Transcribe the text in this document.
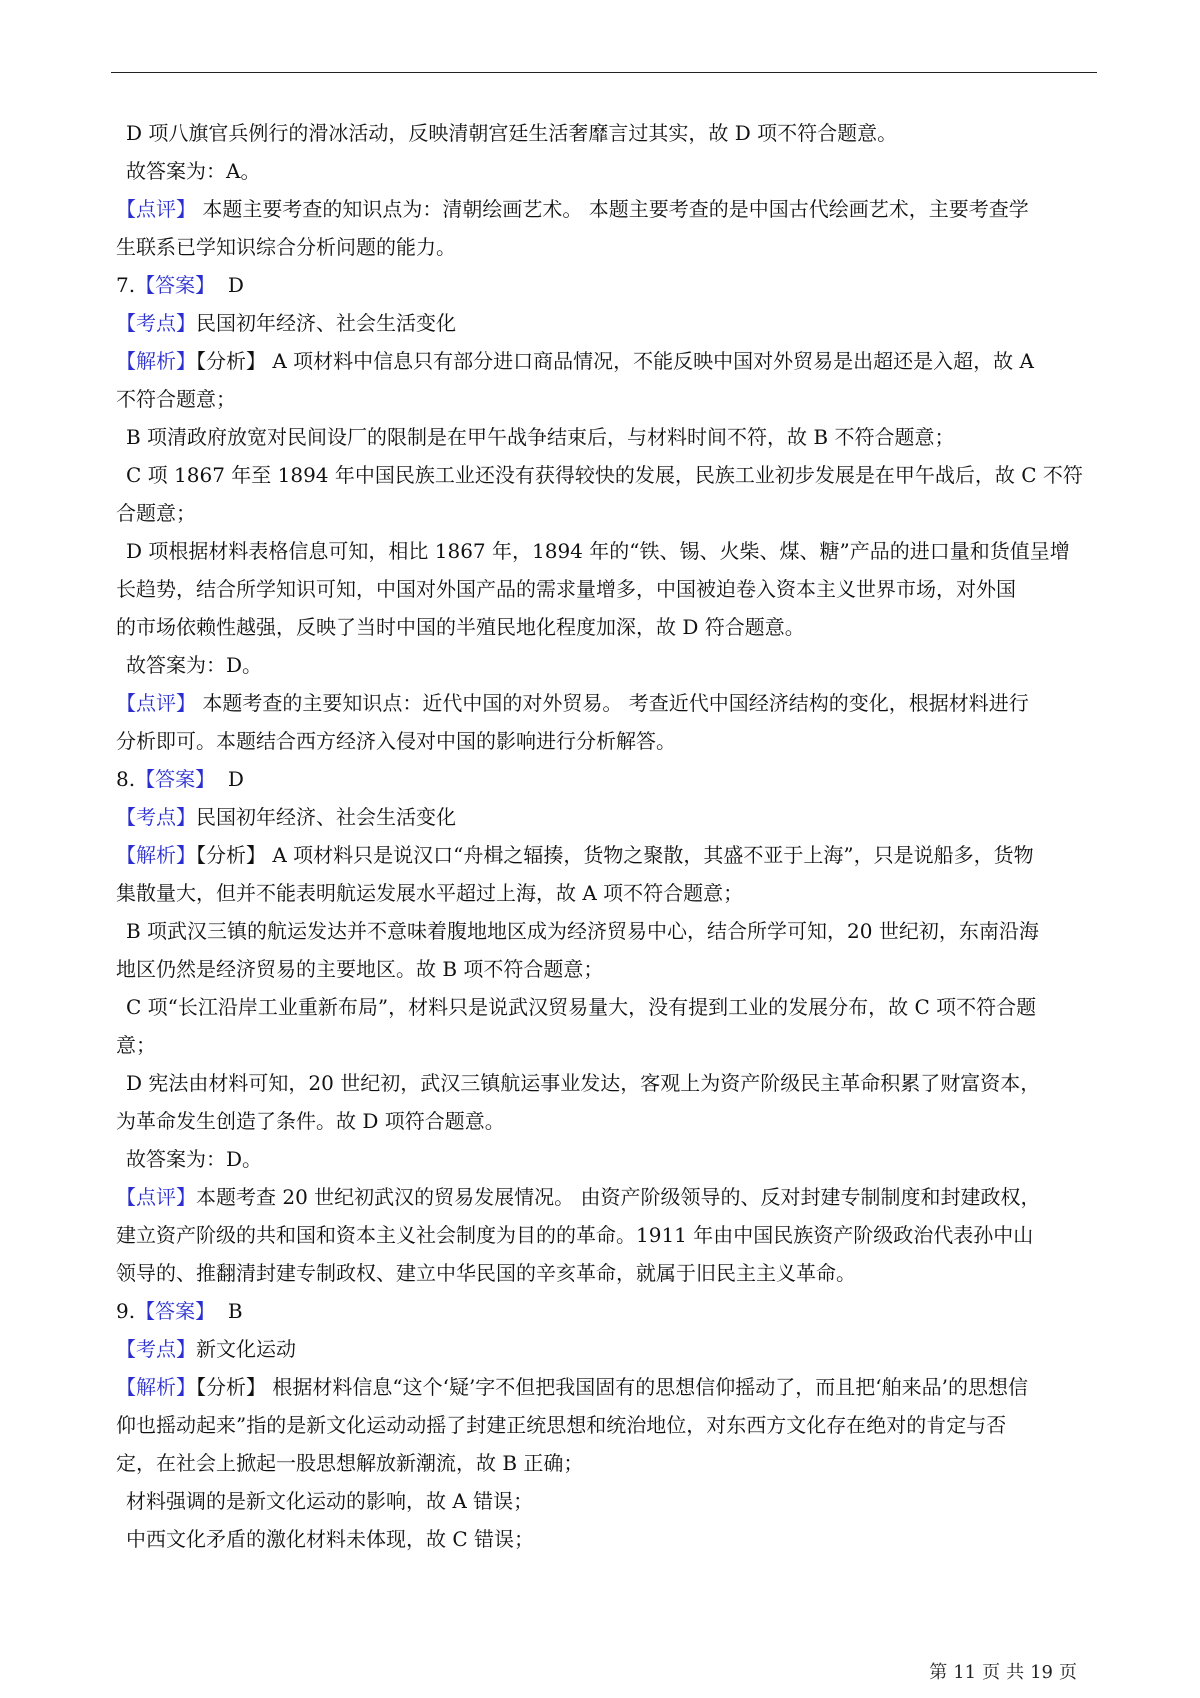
D 项八旗官兵例行的滑冰活动，反映清朝宫廷生活奢靡言过其实，故 D 项不符合题意。
故答案为：A。
【点评】 本题主要考查的知识点为：清朝绘画艺术。 本题主要考查的是中国古代绘画艺术，主要考查学
生联系已学知识综合分析问题的能力。
7.【答案】 D
【考点】民国初年经济、社会生活变化
【解析】【分析】 A 项材料中信息只有部分进口商品情况，不能反映中国对外贸易是出超还是入超，故 A
不符合题意；
B 项清政府放宽对民间设厂的限制是在甲午战争结束后，与材料时间不符，故 B 不符合题意；
C 项 1867 年至 1894 年中国民族工业还没有获得较快的发展，民族工业初步发展是在甲午战后，故 C 不符
合题意；
D 项根据材料表格信息可知，相比 1867 年，1894 年的“铁、锡、火柴、煤、糖”产品的进口量和货值呈增
长趋势，结合所学知识可知，中国对外国产品的需求量增多，中国被迫卷入资本主义世界市场，对外国
的市场依赖性越强，反映了当时中国的半殖民地化程度加深，故 D 符合题意。
故答案为：D。
【点评】 本题考查的主要知识点：近代中国的对外贸易。 考查近代中国经济结构的变化，根据材料进行
分析即可。本题结合西方经济入侵对中国的影响进行分析解答。
8.【答案】 D
【考点】民国初年经济、社会生活变化
【解析】【分析】 A 项材料只是说汉口“舟楫之辐揍，货物之聚散，其盛不亚于上海”，只是说船多，货物
集散量大，但并不能表明航运发展水平超过上海，故 A 项不符合题意；
B 项武汉三镇的航运发达并不意味着腹地地区成为经济贸易中心，结合所学可知，20 世纪初，东南沿海
地区仍然是经济贸易的主要地区。故 B 项不符合题意；
C 项“长江沿岸工业重新布局”，材料只是说武汉贸易量大，没有提到工业的发展分布，故 C 项不符合题
意；
D 宪法由材料可知，20 世纪初，武汉三镇航运事业发达，客观上为资产阶级民主革命积累了财富资本，
为革命发生创造了条件。故 D 项符合题意。
故答案为：D。
【点评】本题考查 20 世纪初武汉的贸易发展情况。 由资产阶级领导的、反对封建专制制度和封建政权，
建立资产阶级的共和国和资本主义社会制度为目的的革命。1911 年由中国民族资产阶级政治代表孙中山
领导的、推翻清封建专制政权、建立中华民国的辛亥革命，就属于旧民主主义革命。
9.【答案】 B
【考点】新文化运动
【解析】【分析】 根据材料信息“这个‘疑’字不但把我国固有的思想信仰摇动了，而且把‘舶来品’的思想信
仰也摇动起来”指的是新文化运动动摇了封建正统思想和统治地位，对东西方文化存在绝对的肯定与否
定，在社会上掀起一股思想解放新潮流，故 B 正确；
材料强调的是新文化运动的影响，故 A 错误；
中西文化矛盾的激化材料未体现，故 C 错误；
第 11 页 共 19 页
